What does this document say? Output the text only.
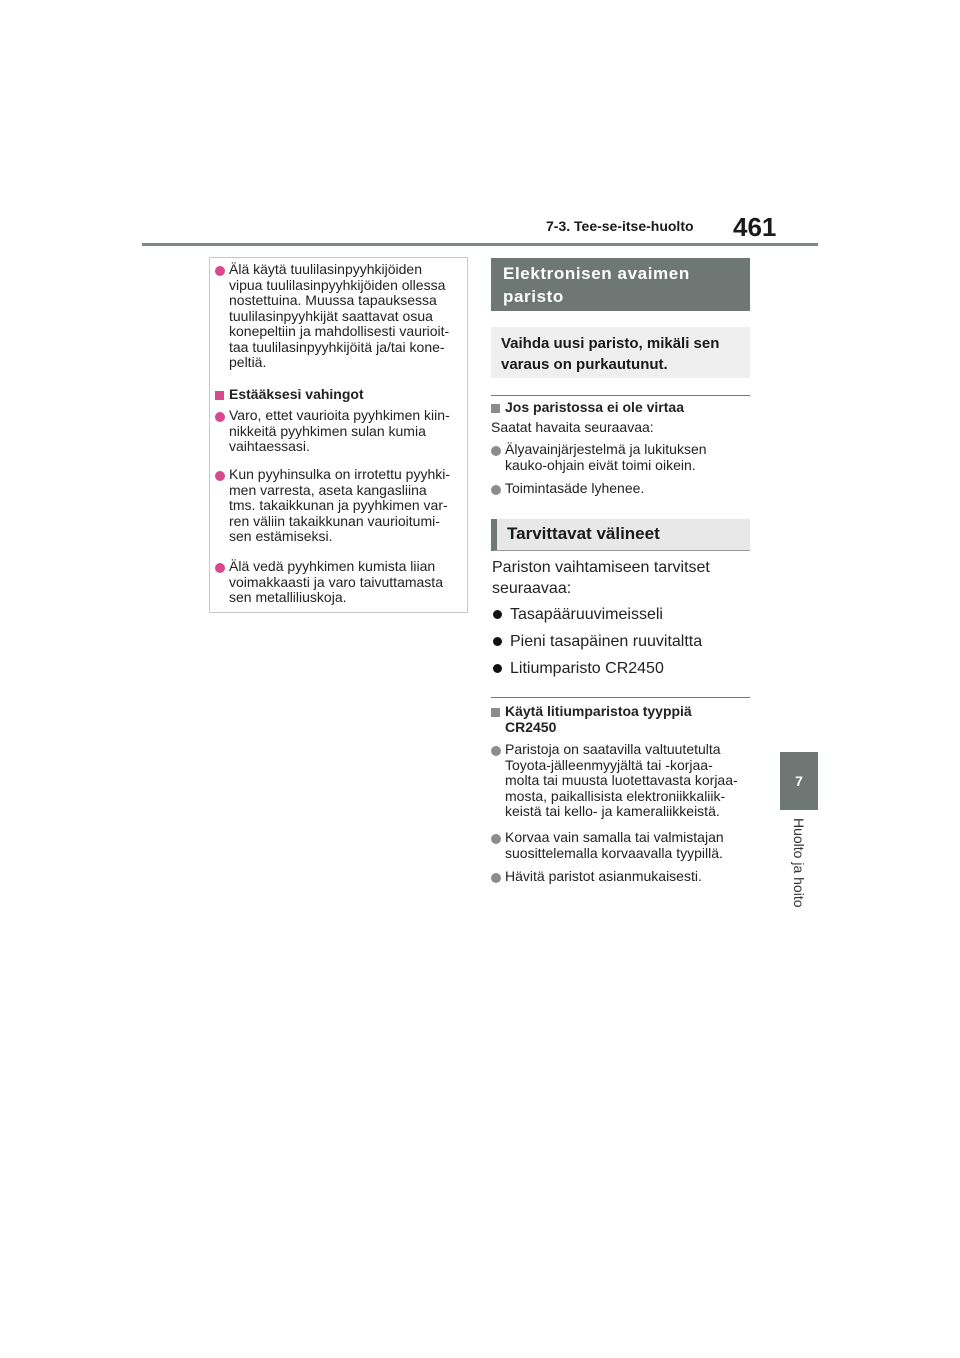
7-3. Tee-se-itse-huolto 461
7
Huolto ja hoito
Älä käytä tuulilasinpyyhkijöiden
vipua tuulilasinpyyhkijöiden ollessa
nostettuina. Muussa tapauksessa
tuulilasinpyyhkijät saattavat osua
konepeltiin ja mahdollisesti vaurioit-
taa tuulilasinpyyhkijöitä ja/tai kone-
peltiä.
Estääksesi vahingot
Varo, ettet vaurioita pyyhkimen kiin-
nikkeitä pyyhkimen sulan kumia
vaihtaessasi.
Kun pyyhinsulka on irrotettu pyyhki-
men varresta, aseta kangasliina
tms. takaikkunan ja pyyhkimen var-
ren väliin takaikkunan vaurioitumi-
sen estämiseksi.
Älä vedä pyyhkimen kumista liian
voimakkaasti ja varo taivuttamasta
sen metalliliuskoja.
Elektronisen avaimen
paristo
Vaihda uusi paristo, mikäli sen
varaus on purkautunut.
Jos paristossa ei ole virtaa
Saatat havaita seuraavaa:
Älyavainjärjestelmä ja lukituksen
kauko-ohjain eivät toimi oikein.
Toimintasäde lyhenee.
Tarvittavat välineet
Pariston vaihtamiseen tarvitset
seuraavaa:
Tasapääruuvimeisseli
Pieni tasapäinen ruuvitaltta
Litiumparisto CR2450
Käytä litiumparistoa tyyppiä
CR2450
Paristoja on saatavilla valtuutetulta
Toyota-jälleenmyyjältä tai -korjaa-
molta tai muusta luotettavasta korjaa-
mosta, paikallisista elektroniikkaliik-
keistä tai kello- ja kameraliikkeistä.
Korvaa vain samalla tai valmistajan
suosittelemalla korvaavalla tyypillä.
Hävitä paristot asianmukaisesti.
